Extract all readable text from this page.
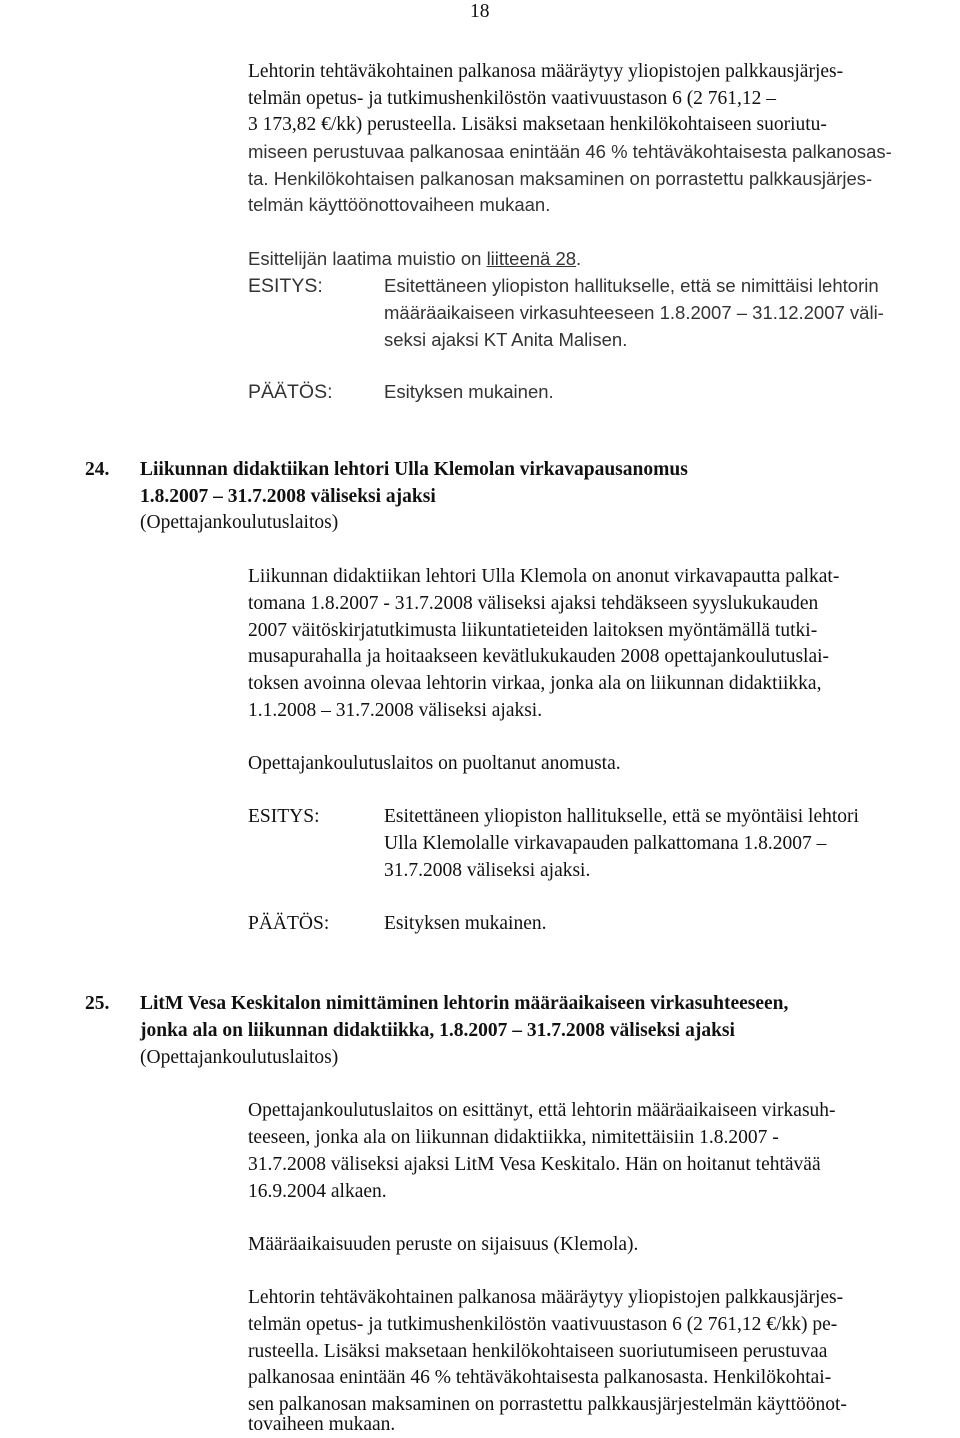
18
Lehtorin tehtäväkohtainen palkanosa määräytyy yliopistojen palkkausjärjes-
telmän opetus- ja tutkimushenkilöstön vaativuustason 6 (2 761,12 –
3 173,82 €/kk) perusteella. Lisäksi maksetaan henkilökohtaiseen suoriutu-
miseen perustuvaa palkanosaa enintään 46 % tehtäväkohtaisesta palkanosas-
ta. Henkilökohtaisen palkanosan maksaminen on porrastettu palkkausjärjes-
telmän käyttöönottovaiheen mukaan.
Esittelijän laatima muistio on liitteenä 28.
ESITYS:	Esitettäneen yliopiston hallitukselle, että se nimittäisi lehtorin
määräaikaiseen virkasuhteeseen 1.8.2007 – 31.12.2007 väli-
seksi ajaksi KT Anita Malisen.
PÄÄTÖS:	Esityksen mukainen.
24. Liikunnan didaktiikan lehtori Ulla Klemolan virkavapausanomus
1.8.2007 – 31.7.2008 väliseksi ajaksi
(Opettajankoulutuslaitos)
Liikunnan didaktiikan lehtori Ulla Klemola on anonut virkavapautta palkat-
tomana 1.8.2007 - 31.7.2008 väliseksi ajaksi tehdäkseen syyslukukauden
2007 väitöskirjatutkimusta liikuntatieteiden laitoksen myöntämällä tutki-
musapurahalla ja hoitaakseen kevätlukukauden 2008 opettajankoulutuslai-
toksen avoinna olevaa lehtorin virkaa, jonka ala on liikunnan didaktiikka,
1.1.2008 – 31.7.2008 väliseksi ajaksi.
Opettajankoulutuslaitos on puoltanut anomusta.
ESITYS:	Esitettäneen yliopiston hallitukselle, että se myöntäisi lehtori
Ulla Klemolalle virkavapauden palkattomana 1.8.2007 –
31.7.2008 väliseksi ajaksi.
PÄÄTÖS:	Esityksen mukainen.
25. LitM Vesa Keskitalon nimittäminen lehtorin määräaikaiseen virkasuhteeseen,
jonka ala on liikunnan didaktiikka, 1.8.2007 – 31.7.2008 väliseksi ajaksi
(Opettajankoulutuslaitos)
Opettajankoulutuslaitos on esittänyt, että lehtorin määräaikaiseen virkasuh-
teeseen, jonka ala on liikunnan didaktiikka, nimitettäisiin 1.8.2007 -
31.7.2008 väliseksi ajaksi LitM Vesa Keskitalo. Hän on hoitanut tehtävää
16.9.2004 alkaen.
Määräaikaisuuden peruste on sijaisuus (Klemola).
Lehtorin tehtäväkohtainen palkanosa määräytyy yliopistojen palkkausjärjes-
telmän opetus- ja tutkimushenkilöstön vaativuustason 6 (2 761,12 €/kk) pe-
rusteella. Lisäksi maksetaan henkilökohtaiseen suoriutumiseen perustuvaa
palkanosaa enintään 46 % tehtäväkohtaisesta palkanosasta. Henkilökohtai-
sen palkanosan maksaminen on porrastettu palkkausjärjestelmän käyttöönot-
tovaiheen mukaan.
